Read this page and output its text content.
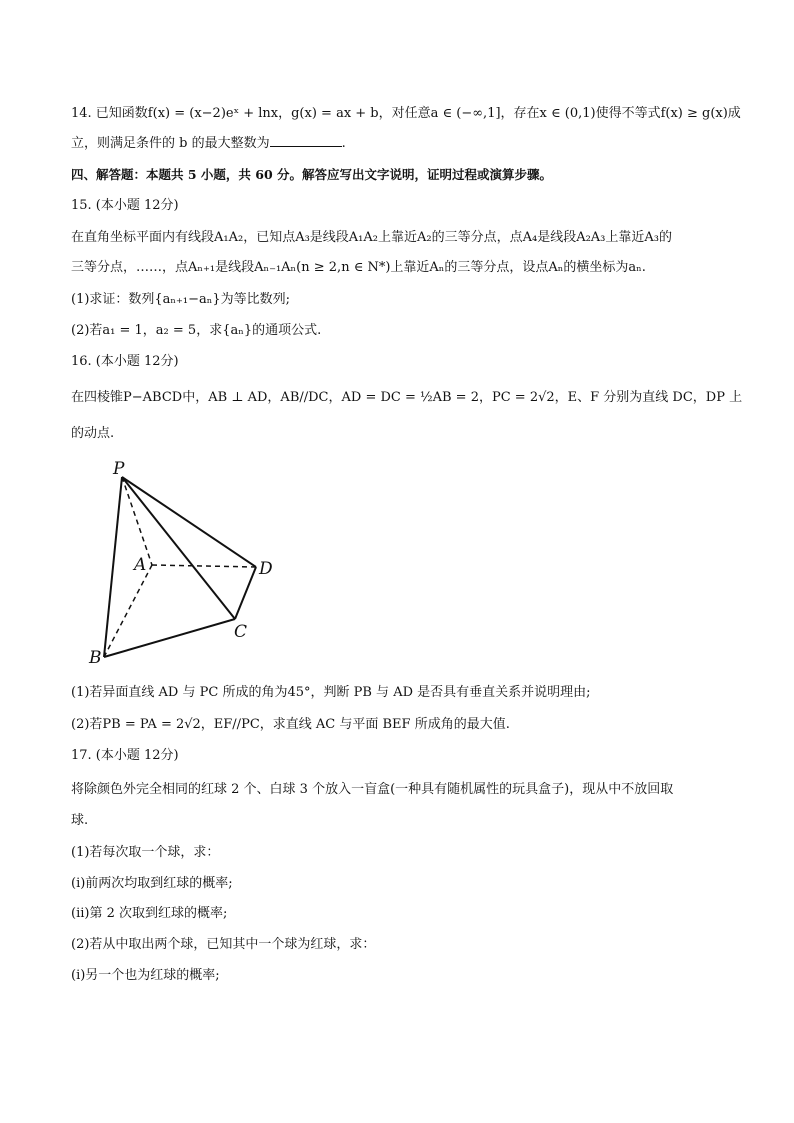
14. 已知函数f(x) = (x−2)eˣ + lnx，g(x) = ax + b，对任意a ∈ (−∞,1]，存在x ∈ (0,1)使得不等式f(x) ≥ g(x)成
立，则满足条件的 b 的最大整数为	.
四、解答题：本题共 5 小题，共 60 分。解答应写出文字说明，证明过程或演算步骤。
15. (本小题 12分)
在直角坐标平面内有线段A₁A₂，已知点A₃是线段A₁A₂上靠近A₂的三等分点，点A₄是线段A₂A₃上靠近A₃的
三等分点，……，点Aₙ₊₁是线段Aₙ₋₁Aₙ(n ≥ 2,n ∈ N*)上靠近Aₙ的三等分点，设点Aₙ的横坐标为aₙ.
(1)求证：数列{aₙ₊₁−aₙ}为等比数列;
(2)若a₁ = 1，a₂ = 5，求{aₙ}的通项公式.
16. (本小题 12分)
在四棱锥P−ABCD中，AB ⊥ AD，AB//DC，AD = DC = ½AB = 2，PC = 2√2，E、F 分别为直线 DC，DP 上
的动点.
P
A	D
C
B
(1)若异面直线 AD 与 PC 所成的角为45°，判断 PB 与 AD 是否具有垂直关系并说明理由;
(2)若PB = PA = 2√2，EF//PC，求直线 AC 与平面 BEF 所成角的最大值.
17. (本小题 12分)
将除颜色外完全相同的红球 2 个、白球 3 个放入一盲盒(一种具有随机属性的玩具盒子)，现从中不放回取
球.
(1)若每次取一个球，求：
(ⅰ)前两次均取到红球的概率;
(ⅱ)第 2 次取到红球的概率;
(2)若从中取出两个球，已知其中一个球为红球，求：
(ⅰ)另一个也为红球的概率;
